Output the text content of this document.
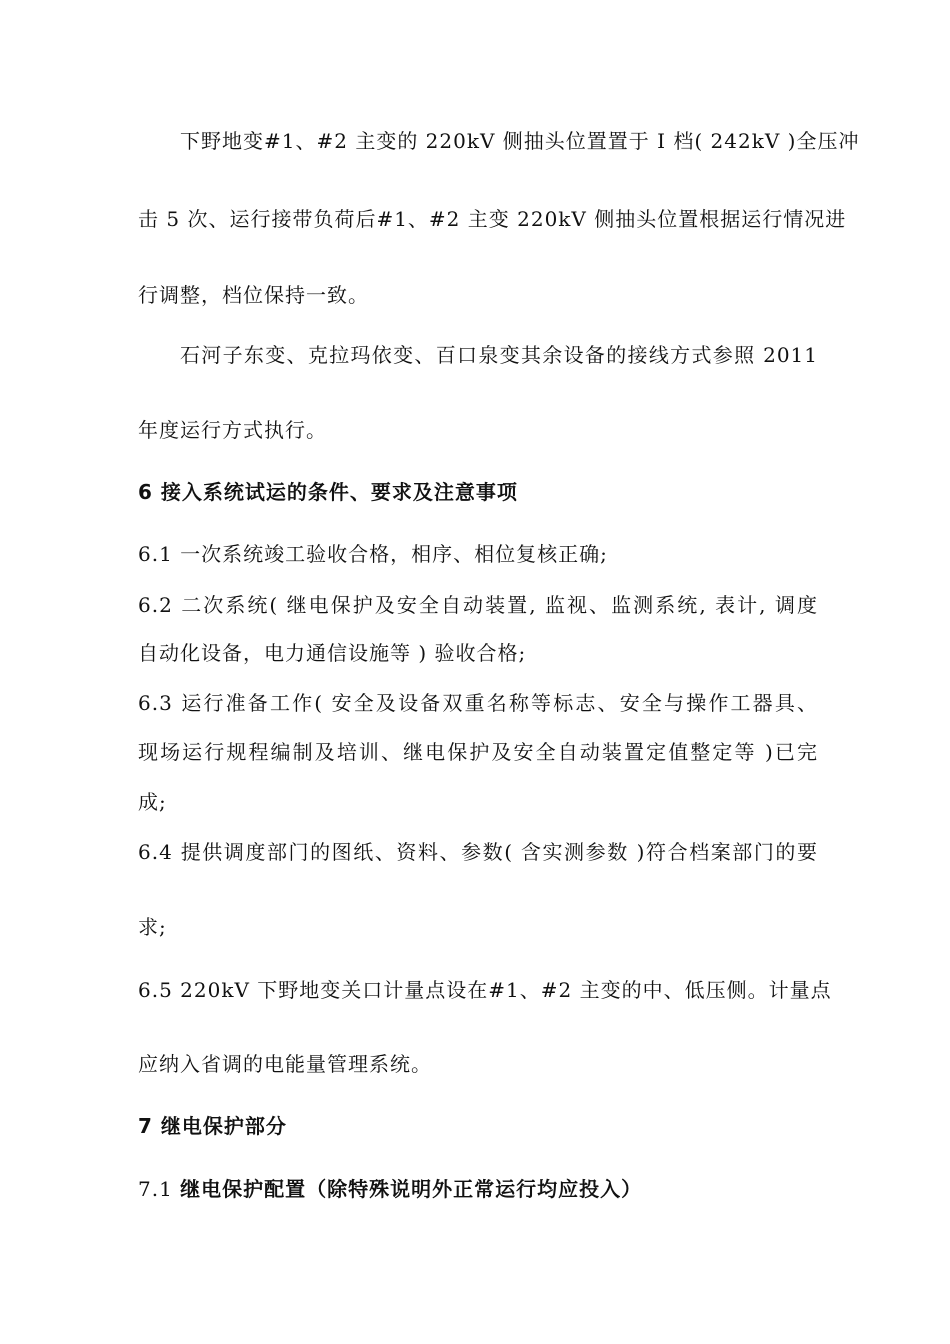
下野地变#1、#2 主变的 220kV 侧抽头位置置于 I 档( 242kV )全压冲
击 5 次、运行接带负荷后#1、#2 主变 220kV 侧抽头位置根据运行情况进
行调整，档位保持一致。
石河子东变、克拉玛依变、百口泉变其余设备的接线方式参照 2011
年度运行方式执行。
6 接入系统试运的条件、要求及注意事项
6.1 一次系统竣工验收合格，相序、相位复核正确;
6.2 二次系统( 继电保护及安全自动装置, 监视、监测系统, 表计, 调度
自动化设备，电力通信设施等 ) 验收合格;
6.3 运行准备工作( 安全及设备双重名称等标志、安全与操作工器具、
现场运行规程编制及培训、继电保护及安全自动装置定值整定等 )已完
成;
6.4 提供调度部门的图纸、资料、参数( 含实测参数 )符合档案部门的要
求;
6.5 220kV 下野地变关口计量点设在#1、#2 主变的中、低压侧。计量点
应纳入省调的电能量管理系统。
7 继电保护部分
7.1 继电保护配置（除特殊说明外正常运行均应投入）
